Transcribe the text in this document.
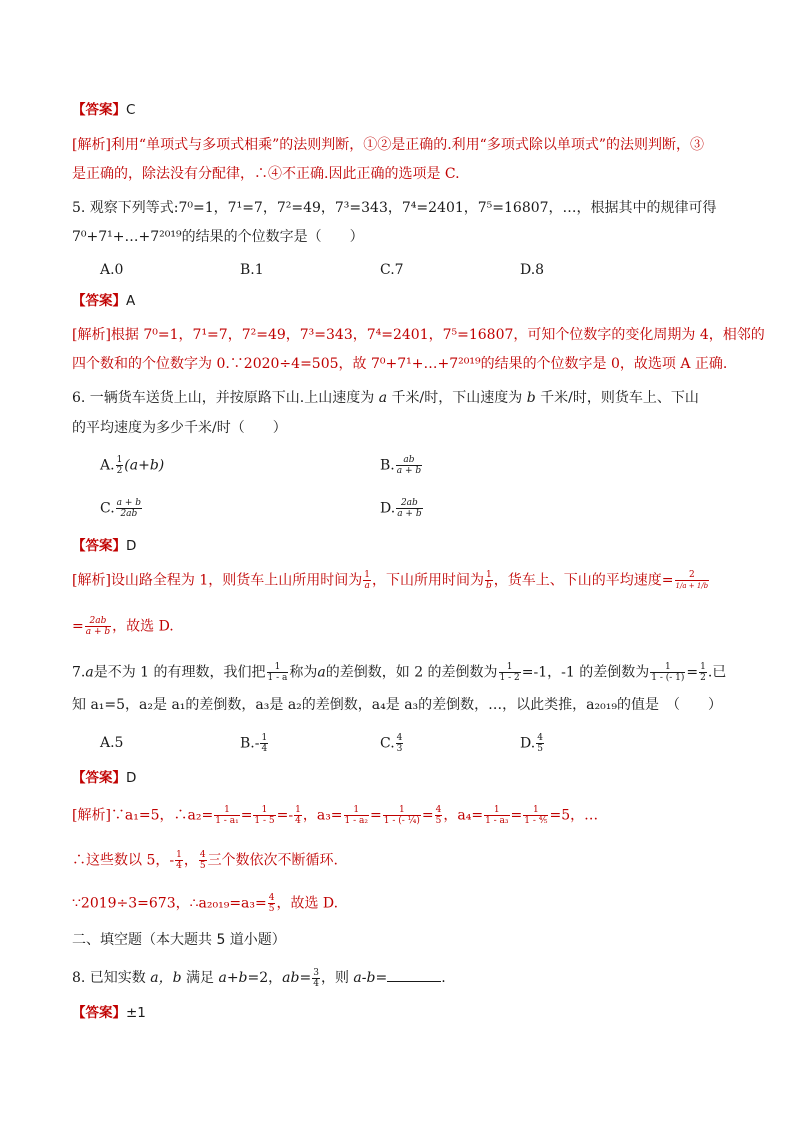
【答案】C
[解析]利用“单项式与多项式相乘”的法则判断，①②是正确的.利用“多项式除以单项式”的法则判断，③
是正确的，除法没有分配律，∴④不正确.因此正确的选项是 C.
5. 观察下列等式:7⁰=1，7¹=7，7²=49，7³=343，7⁴=2401，7⁵=16807，…，根据其中的规律可得
7⁰+7¹+…+7²⁰¹⁹的结果的个位数字是（　　）
A.0	B.1	C.7	D.8
【答案】A
[解析]根据 7⁰=1，7¹=7，7²=49，7³=343，7⁴=2401，7⁵=16807，可知个位数字的变化周期为 4，相邻的
四个数和的个位数字为 0.∵2020÷4=505，故 7⁰+7¹+…+7²⁰¹⁹的结果的个位数字是 0，故选项 A 正确.
6. 一辆货车送货上山，并按原路下山.上山速度为 a 千米/时，下山速度为 b 千米/时，则货车上、下山
的平均速度为多少千米/时（　　）
A. $\frac{1}{2} (a+b)$	B. $\frac{ab}{a + b}$
C. $\frac{a + b}{2ab}$	D. $\frac{2ab}{a + b}$
【答案】D
[解析]设山路全程为 1，则货车上山所用时间为 $\frac{1}{a}$ ，下山所用时间为 $\frac{1}{b}$ ，货车上、下山的平均速度= $\frac{2}{1/a + 1/b}$
= $\frac{2ab}{a + b}$ ，故选 D.
7.a是不为 1 的有理数，我们把 $\frac{1}{1 - a}$ 称为a的差倒数，如 2 的差倒数为 $\frac{1}{1 - 2} =-1$，-1 的差倒数为 $\frac{1}{1 - (- 1)} = \frac{1}{2}$ .已
知 a₁=5，a₂是 a₁的差倒数，a₃是 a₂的差倒数，a₄是 a₃的差倒数，…，以此类推，a₂₀₁₉的值是　（　　）
A.5	$B.- \frac{1}{4}$	C. $\frac{4}{3}$	D. $\frac{4}{5}$
【答案】D
[解析]∵a₁=5，∴a₂= $\frac{1}{\text{1 - a₁}} = \frac{1}{1 - 5} =- \frac{1}{4}$ ，$a_3= \frac{1}{\text{1 - a₂}} = \frac{1}{\text{1 - (- ¼)}} = \frac{4}{5}$ ，$a_4= \frac{1}{\text{1 - a₃}} = \frac{1}{\text{1 - ⅘}} =5$，…
∴这些数以 5，- $\frac{1}{4}$ ， $\frac{4}{5}$ 三个数依次不断循环.
∵2019÷3=673，∴a₂₀₁₉=a₃= $\frac{4}{5}$ ，故选 D.
二、填空题（本大题共 5 道小题）
8. 已知实数 a，b 满足 a+b=2，$ab= \frac{3}{4}$ ，则 a-b=	.
【答案】±1
